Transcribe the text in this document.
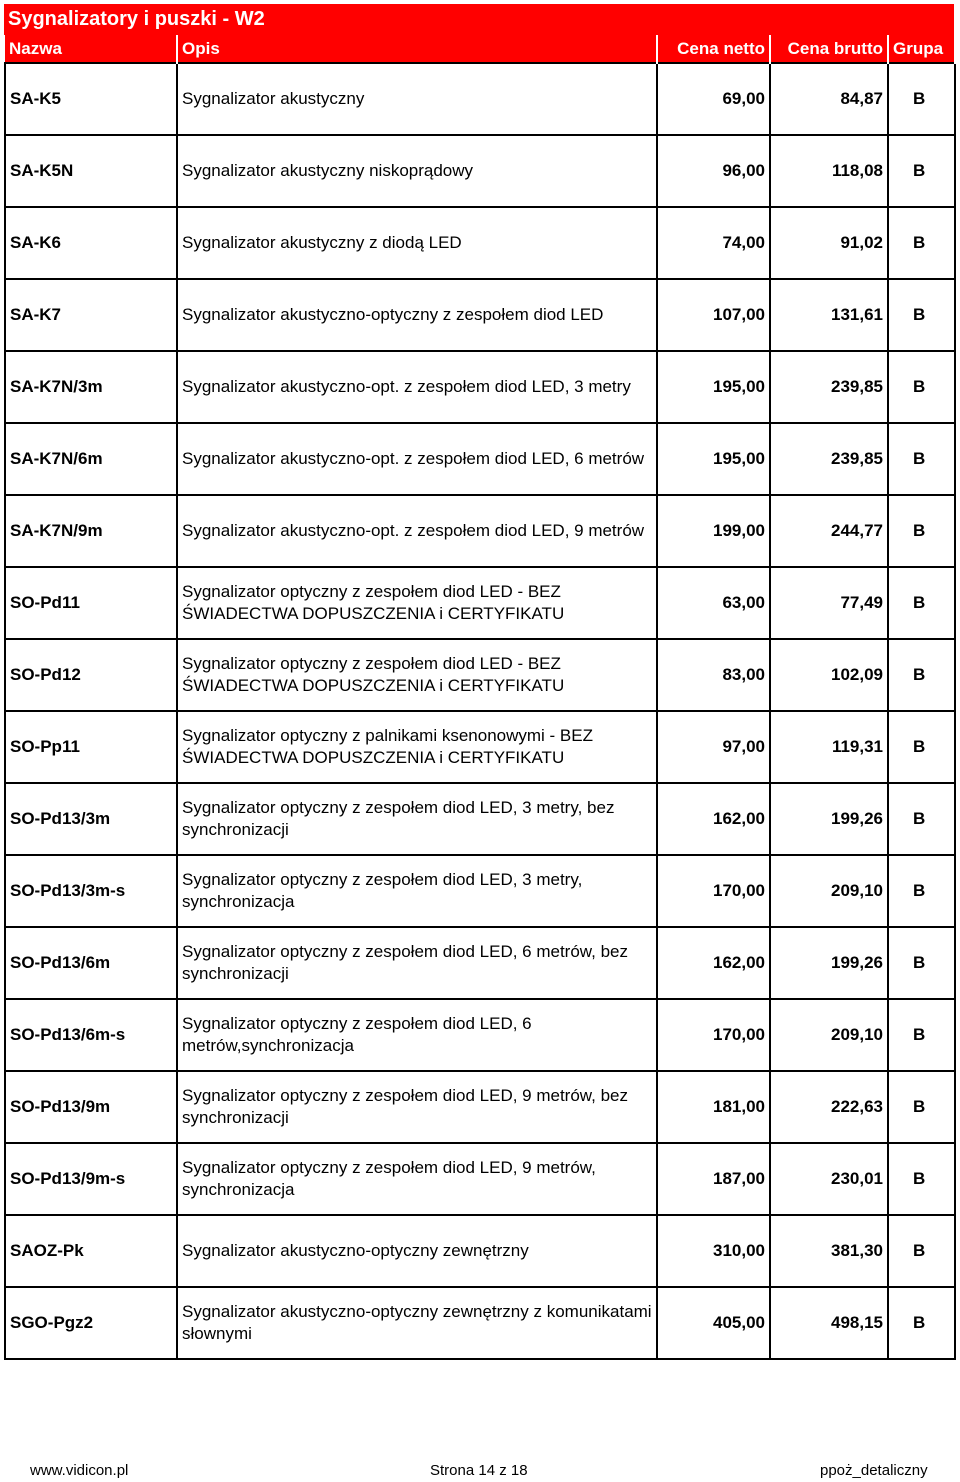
Sygnalizatory i puszki - W2
Nazwa	Opis	Cena netto	Cena brutto	Grupa
SA-K5	Sygnalizator akustyczny	69,00	84,87	B
SA-K5N	Sygnalizator akustyczny niskoprądowy	96,00	118,08	B
SA-K6	Sygnalizator akustyczny z diodą LED	74,00	91,02	B
SA-K7	Sygnalizator akustyczno-optyczny z zespołem diod LED	107,00	131,61	B
SA-K7N/3m	Sygnalizator akustyczno-opt. z zespołem diod LED, 3 metry	195,00	239,85	B
SA-K7N/6m	Sygnalizator akustyczno-opt. z zespołem diod LED, 6 metrów	195,00	239,85	B
SA-K7N/9m	Sygnalizator akustyczno-opt. z zespołem diod LED, 9 metrów	199,00	244,77	B
SO-Pd11	Sygnalizator optyczny z zespołem diod LED - BEZ ŚWIADECTWA DOPUSZCZENIA i CERTYFIKATU	63,00	77,49	B
SO-Pd12	Sygnalizator optyczny z zespołem diod LED - BEZ ŚWIADECTWA DOPUSZCZENIA i CERTYFIKATU	83,00	102,09	B
SO-Pp11	Sygnalizator optyczny z palnikami ksenonowymi - BEZ ŚWIADECTWA DOPUSZCZENIA i CERTYFIKATU	97,00	119,31	B
SO-Pd13/3m	Sygnalizator optyczny z zespołem diod LED, 3 metry, bez synchronizacji	162,00	199,26	B
SO-Pd13/3m-s	Sygnalizator optyczny z zespołem diod LED, 3 metry, synchronizacja	170,00	209,10	B
SO-Pd13/6m	Sygnalizator optyczny z zespołem diod LED, 6 metrów, bez synchronizacji	162,00	199,26	B
SO-Pd13/6m-s	Sygnalizator optyczny z zespołem diod LED, 6 metrów,synchronizacja	170,00	209,10	B
SO-Pd13/9m	Sygnalizator optyczny z zespołem diod LED, 9 metrów, bez synchronizacji	181,00	222,63	B
SO-Pd13/9m-s	Sygnalizator optyczny z zespołem diod LED, 9 metrów, synchronizacja	187,00	230,01	B
SAOZ-Pk	Sygnalizator akustyczno-optyczny zewnętrzny	310,00	381,30	B
SGO-Pgz2	Sygnalizator akustyczno-optyczny zewnętrzny z komunikatami słownymi	405,00	498,15	B
www.vidicon.pl	Strona 14 z 18	ppoż_detaliczny
